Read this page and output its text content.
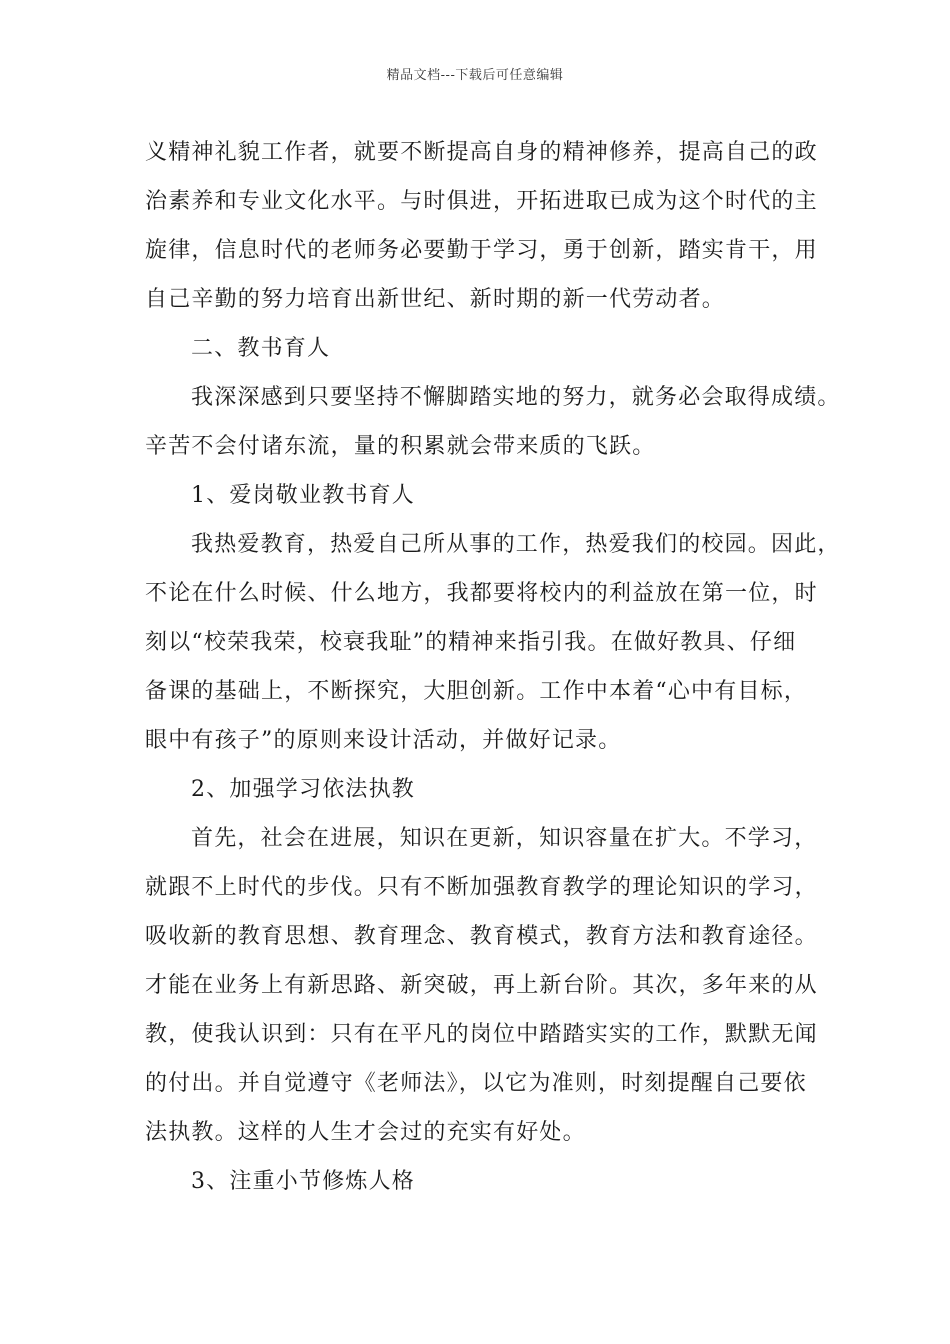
精品文档---下载后可任意编辑
义精神礼貌工作者，就要不断提高自身的精神修养，提高自己的政
治素养和专业文化水平。与时俱进，开拓进取已成为这个时代的主
旋律，信息时代的老师务必要勤于学习，勇于创新，踏实肯干，用
自己辛勤的努力培育出新世纪、新时期的新一代劳动者。
二、教书育人
我深深感到只要坚持不懈脚踏实地的努力，就务必会取得成绩。
辛苦不会付诸东流，量的积累就会带来质的飞跃。
1、爱岗敬业教书育人
我热爱教育，热爱自己所从事的工作，热爱我们的校园。因此，
不论在什么时候、什么地方，我都要将校内的利益放在第一位，时
刻以“校荣我荣，校衰我耻”的精神来指引我。在做好教具、仔细
备课的基础上，不断探究，大胆创新。工作中本着“心中有目标，
眼中有孩子”的原则来设计活动，并做好记录。
2、加强学习依法执教
首先，社会在进展，知识在更新，知识容量在扩大。不学习，
就跟不上时代的步伐。只有不断加强教育教学的理论知识的学习，
吸收新的教育思想、教育理念、教育模式，教育方法和教育途径。
才能在业务上有新思路、新突破，再上新台阶。其次，多年来的从
教，使我认识到：只有在平凡的岗位中踏踏实实的工作，默默无闻
的付出。并自觉遵守《老师法》，以它为准则，时刻提醒自己要依
法执教。这样的人生才会过的充实有好处。
3、注重小节修炼人格
